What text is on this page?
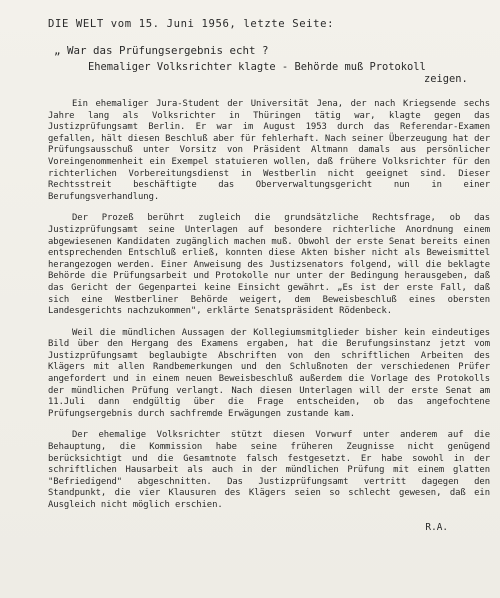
DIE WELT vom 15. Juni 1956, letzte Seite:
„ War das Prüfungsergebnis echt ?
Ehemaliger Volksrichter klagte - Behörde muß Protokoll
zeigen.

Ein ehemaliger Jura-Student der Universität Jena, der nach Kriegsende sechs Jahre lang als Volksrichter in Thüringen tätig war, klagte gegen das Justizprüfungsamt Berlin. Er war im August 1953 durch das Referendar-Examen gefallen, hält diesen Beschluß aber für fehlerhaft. Nach seiner Überzeugung hat der Prüfungsausschuß unter Vorsitz von Präsident Altmann damals aus persönlicher Voreingenommenheit ein Exempel statuieren wollen, daß frühere Volksrichter für den richterlichen Vorbereitungsdienst in Westberlin nicht geeignet sind. Dieser Rechtsstreit beschäftigte das Oberverwaltungsgericht nun in einer Berufungsverhandlung.

Der Prozeß berührt zugleich die grundsätzliche Rechtsfrage, ob das Justizprüfungsamt seine Unterlagen auf besondere richterliche Anordnung einem abgewiesenen Kandidaten zugänglich machen muß. Obwohl der erste Senat bereits einen entsprechenden Entschluß erließ, konnten diese Akten bisher nicht als Beweismittel herangezogen werden. Einer Anweisung des Justizsenators folgend, will die beklagte Behörde die Prüfungsarbeit und Protokolle nur unter der Bedingung herausgeben, daß das Gericht der Gegenpartei keine Einsicht gewährt. „Es ist der erste Fall, daß sich eine Westberliner Behörde weigert, dem Beweisbeschluß eines obersten Landesgerichts nachzukommen", erklärte Senatspräsident Rödenbeck.

Weil die mündlichen Aussagen der Kollegiumsmitglieder bisher kein eindeutiges Bild über den Hergang des Examens ergaben, hat die Berufungsinstanz jetzt vom Justizprüfungsamt beglaubigte Abschriften von den schriftlichen Arbeiten des Klägers mit allen Randbemerkungen und den Schlußnoten der verschiedenen Prüfer angefordert und in einem neuen Beweisbeschluß außerdem die Vorlage des Protokolls der mündlichen Prüfung verlangt. Nach diesen Unterlagen will der erste Senat am 11.Juli dann endgültig über die Frage entscheiden, ob das angefochtene Prüfungsergebnis durch sachfremde Erwägungen zustande kam.

Der ehemalige Volksrichter stützt diesen Vorwurf unter anderem auf die Behauptung, die Kommission habe seine früheren Zeugnisse nicht genügend berücksichtigt und die Gesamtnote falsch festgesetzt. Er habe sowohl in der schriftlichen Hausarbeit als auch in der mündlichen Prüfung mit einem glatten "Befriedigend" abgeschnitten. Das Justizprüfungsamt vertritt dagegen den Standpunkt, die vier Klausuren des Klägers seien so schlecht gewesen, daß ein Ausgleich nicht möglich erschien.

R.A.
